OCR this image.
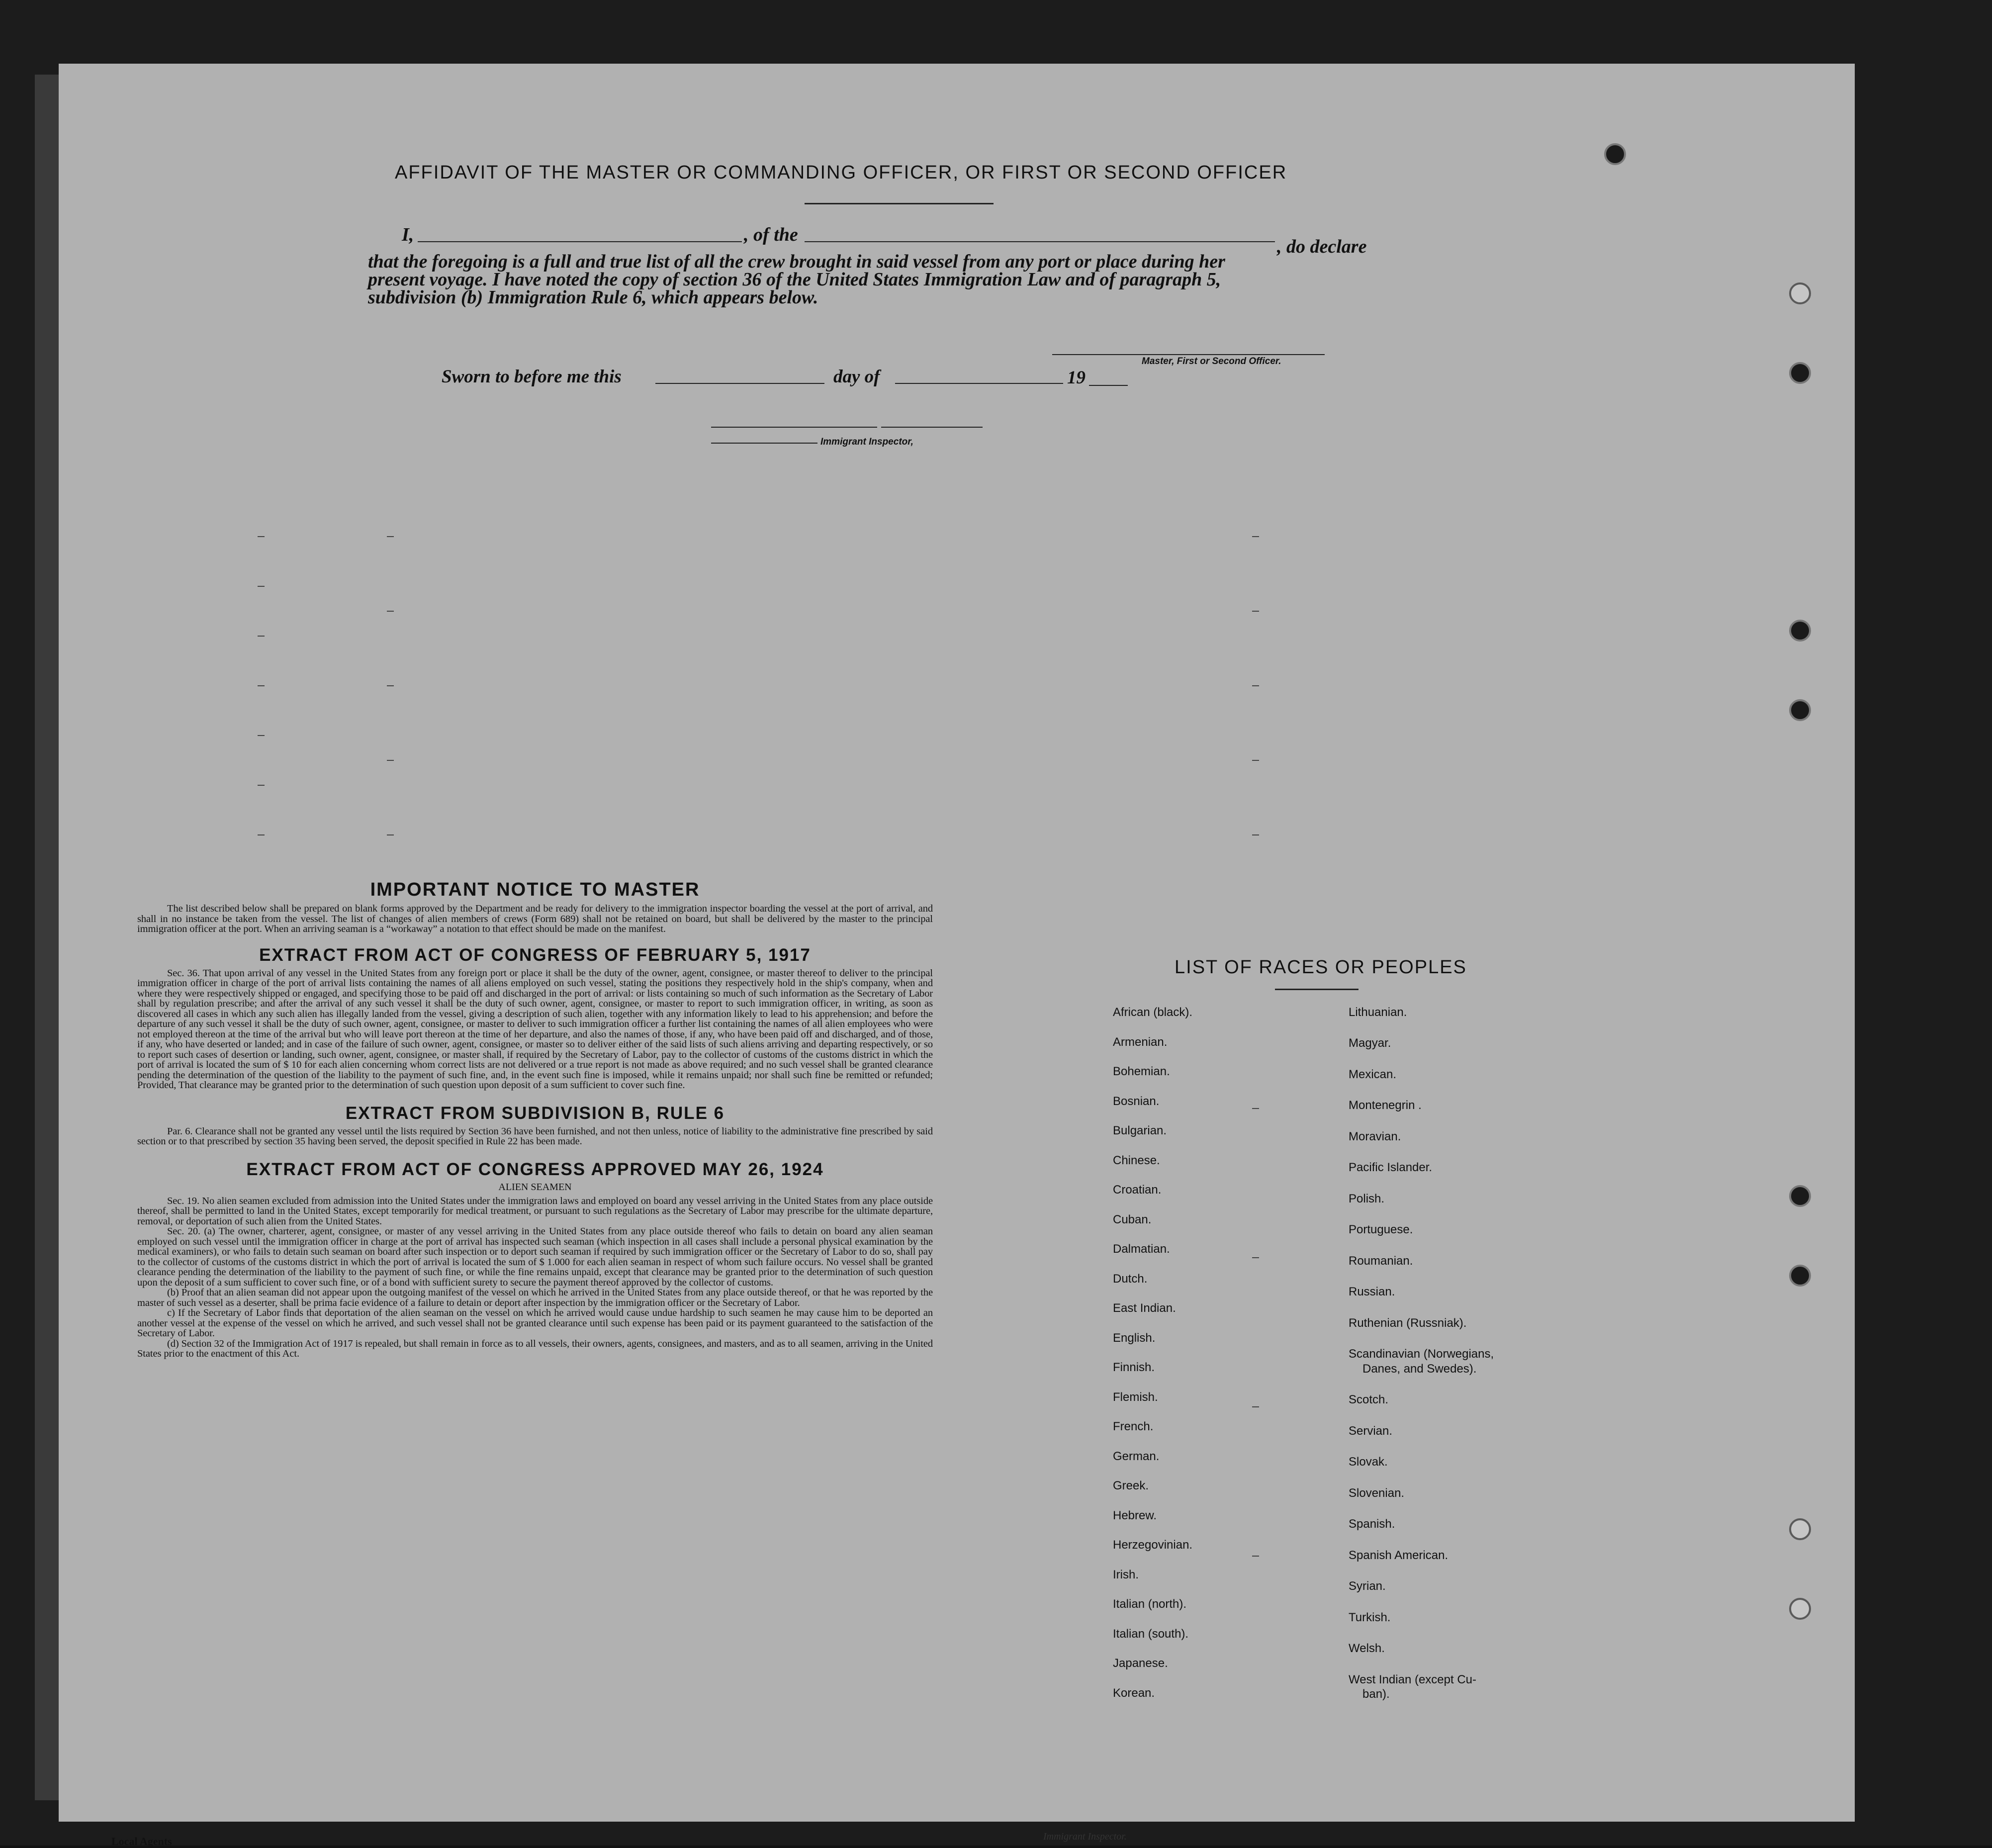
AFFIDAVIT OF THE MASTER OR COMMANDING OFFICER, OR FIRST OR SECOND OFFICER
I,	, of the
, do declare
that the foregoing is a full and true list of all the crew brought in said vessel from any port or place during her
present voyage. I have noted the copy of section 36 of the United States Immigration Law and of paragraph 5,
subdivision (b) Immigration Rule 6, which appears below.
Master, First or Second Officer.
Sworn to before me this	day of	19
Immigrant Inspector,
IMPORTANT NOTICE TO MASTER

The list described below shall be prepared on blank forms approved by the Department and be ready for delivery to the immigration inspector boarding the vessel at the port of arrival, and shall in no instance be taken from the vessel. The list of changes of alien members of crews (Form 689) shall not be retained on board, but shall be delivered by the master to the principal immigration officer at the port. When an arriving seaman is a “workaway” a notation to that effect should be made on the manifest.

EXTRACT FROM ACT OF CONGRESS OF FEBRUARY 5, 1917

Sec. 36. That upon arrival of any vessel in the United States from any foreign port or place it shall be the duty of the owner, agent, consignee, or master thereof to deliver to the principal immigration officer in charge of the port of arrival lists containing the names of all aliens employed on such vessel, stating the positions they respectively hold in the ship's company, when and where they were respectively shipped or engaged, and specifying those to be paid off and discharged in the port of arrival: or lists containing so much of such information as the Secretary of Labor shall by regulation prescribe; and after the arrival of any such vessel it shall be the duty of such owner, agent, consignee, or master to report to such immigration officer, in writing, as soon as discovered all cases in which any such alien has illegally landed from the vessel, giving a description of such alien, together with any information likely to lead to his apprehension; and before the departure of any such vessel it shall be the duty of such owner, agent, consignee, or master to deliver to such immigration officer a further list containing the names of all alien employees who were not employed thereon at the time of the arrival but who will leave port thereon at the time of her departure, and also the names of those, if any, who have been paid off and discharged, and of those, if any, who have deserted or landed; and in case of the failure of such owner, agent, consignee, or master so to deliver either of the said lists of such aliens arriving and departing respectively, or so to report such cases of desertion or landing, such owner, agent, consignee, or master shall, if required by the Secretary of Labor, pay to the collector of customs of the customs district in which the port of arrival is located the sum of $ 10 for each alien concerning whom correct lists are not delivered or a true report is not made as above required; and no such vessel shall be granted clearance pending the determination of the question of the liability to the payment of such fine, and, in the event such fine is imposed, while it remains unpaid; nor shall such fine be remitted or refunded; Provided, That clearance may be granted prior to the determination of such question upon deposit of a sum sufficient to cover such fine.

EXTRACT FROM SUBDIVISION B, RULE 6

Par. 6. Clearance shall not be granted any vessel until the lists required by Section 36 have been furnished, and not then unless, notice of liability to the administrative fine prescribed by said section or to that prescribed by section 35 having been served, the deposit specified in Rule 22 has been made.

EXTRACT FROM ACT OF CONGRESS APPROVED MAY 26, 1924
ALIEN SEAMEN

Sec. 19. No alien seamen excluded from admission into the United States under the immigration laws and employed on board any vessel arriving in the United States from any place outside thereof, shall be permitted to land in the United States, except temporarily for medical treatment, or pursuant to such regulations as the Secretary of Labor may prescribe for the ultimate departure, removal, or deportation of such alien from the United States.

Sec. 20. (a) The owner, charterer, agent, consignee, or master of any vessel arriving in the United States from any place outside thereof who fails to detain on board any alien seaman employed on such vessel until the immigration officer in charge at the port of arrival has inspected such seaman (which inspection in all cases shall include a personal physical examination by the medical examiners), or who fails to detain such seaman on board after such inspection or to deport such seaman if required by such immigration officer or the Secretary of Labor to do so, shall pay to the collector of customs of the customs district in which the port of arrival is located the sum of $ 1.000 for each alien seaman in respect of whom such failure occurs. No vessel shall be granted clearance pending the determination of the liability to the payment of such fine, or while the fine remains unpaid, except that clearance may be granted prior to the determination of such question upon the deposit of a sum sufficient to cover such fine, or of a bond with sufficient surety to secure the payment thereof approved by the collector of customs.

(b) Proof that an alien seaman did not appear upon the outgoing manifest of the vessel on which he arrived in the United States from any place outside thereof, or that he was reported by the master of such vessel as a deserter, shall be prima facie evidence of a failure to detain or deport after inspection by the immigration officer or the Secretary of Labor.

c) If the Secretary of Labor finds that deportation of the alien seaman on the vessel on which he arrived would cause undue hardship to such seamen he may cause him to be deported an another vessel at the expense of the vessel on which he arrived, and such vessel shall not be granted clearance until such expense has been paid or its payment guaranteed to the satisfaction of the Secretary of Labor.

(d) Section 32 of the Immigration Act of 1917 is repealed, but shall remain in force as to all vessels, their owners, agents, consignees, and masters, and as to all seamen, arriving in the United States prior to the enactment of this Act.

LIST OF RACES OR PEOPLES
Local Agents	Immigrant Inspector.
African (black).
Armenian.
Bohemian.
Bosnian.
Bulgarian.
Chinese.
Croatian.
Cuban.
Dalmatian.
Dutch.
East Indian.
English.
Finnish.
Flemish.
French.
German.
Greek.
Hebrew.
Herzegovinian.
Irish.
Italian (north).
Italian (south).
Japanese.
Korean.
Lithuanian.
Magyar.
Mexican.
Montenegrin .
Moravian.
Pacific Islander.
Polish.
Portuguese.
Roumanian.
Russian.
Ruthenian (Russniak).
Scandinavian (Norwegians,
Danes, and Swedes).
Scotch.
Servian.
Slovak.
Slovenian.
Spanish.
Spanish American.
Syrian.
Turkish.
Welsh.
West Indian (except Cu-
ban).
